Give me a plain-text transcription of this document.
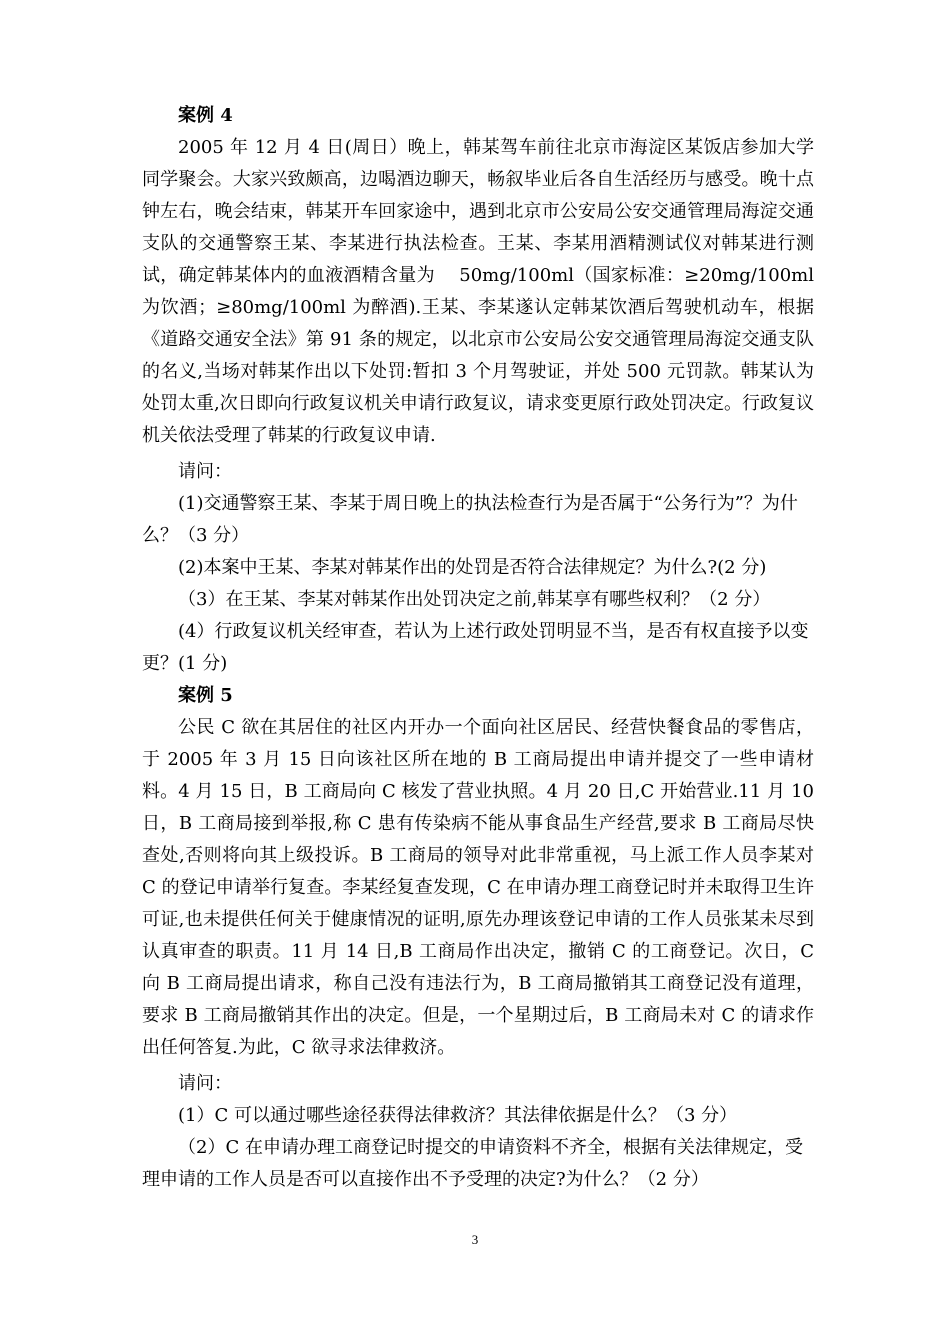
案例 4

2005 年 12 月 4 日(周日）晚上，韩某驾车前往北京市海淀区某饭店参加大学同学聚会。大家兴致颇高，边喝酒边聊天，畅叙毕业后各自生活经历与感受。晚十点钟左右，晚会结束，韩某开车回家途中，遇到北京市公安局公安交通管理局海淀交通支队的交通警察王某、李某进行执法检查。王某、李某用酒精测试仪对韩某进行测试，确定韩某体内的血液酒精含量为　 50mg/100ml（国家标准：≥20mg/100ml 为饮酒；≥80mg/100ml 为醉酒).王某、李某遂认定韩某饮酒后驾驶机动车，根据《道路交通安全法》第 91 条的规定，以北京市公安局公安交通管理局海淀交通支队的名义,当场对韩某作出以下处罚:暂扣 3 个月驾驶证，并处 500 元罚款。韩某认为处罚太重,次日即向行政复议机关申请行政复议，请求变更原行政处罚决定。行政复议机关依法受理了韩某的行政复议申请.

请问：

(1)交通警察王某、李某于周日晚上的执法检查行为是否属于“公务行为”？为什么？（3 分）

(2)本案中王某、李某对韩某作出的处罚是否符合法律规定？为什么?(2 分)

（3）在王某、李某对韩某作出处罚决定之前,韩某享有哪些权利？（2 分）

(4）行政复议机关经审查，若认为上述行政处罚明显不当，是否有权直接予以变更？(1 分)

案例 5

公民 C 欲在其居住的社区内开办一个面向社区居民、经营快餐食品的零售店，于 2005 年 3 月 15 日向该社区所在地的 B 工商局提出申请并提交了一些申请材料。4 月 15 日，B 工商局向 C 核发了营业执照。4 月 20 日,C 开始营业.11 月 10 日，B 工商局接到举报,称 C 患有传染病不能从事食品生产经营,要求 B 工商局尽快查处,否则将向其上级投诉。B 工商局的领导对此非常重视，马上派工作人员李某对 C 的登记申请举行复查。李某经复查发现，C 在申请办理工商登记时并未取得卫生许可证,也未提供任何关于健康情况的证明,原先办理该登记申请的工作人员张某未尽到认真审查的职责。11 月 14 日,B 工商局作出决定，撤销 C 的工商登记。次日，C 向 B 工商局提出请求，称自己没有违法行为，B 工商局撤销其工商登记没有道理，要求 B 工商局撤销其作出的决定。但是，一个星期过后，B 工商局未对 C 的请求作出任何答复.为此，C 欲寻求法律救济。

请问：

(1）C 可以通过哪些途径获得法律救济？其法律依据是什么？（3 分）

（2）C 在申请办理工商登记时提交的申请资料不齐全，根据有关法律规定，受理申请的工作人员是否可以直接作出不予受理的决定?为什么？（2 分）

3
